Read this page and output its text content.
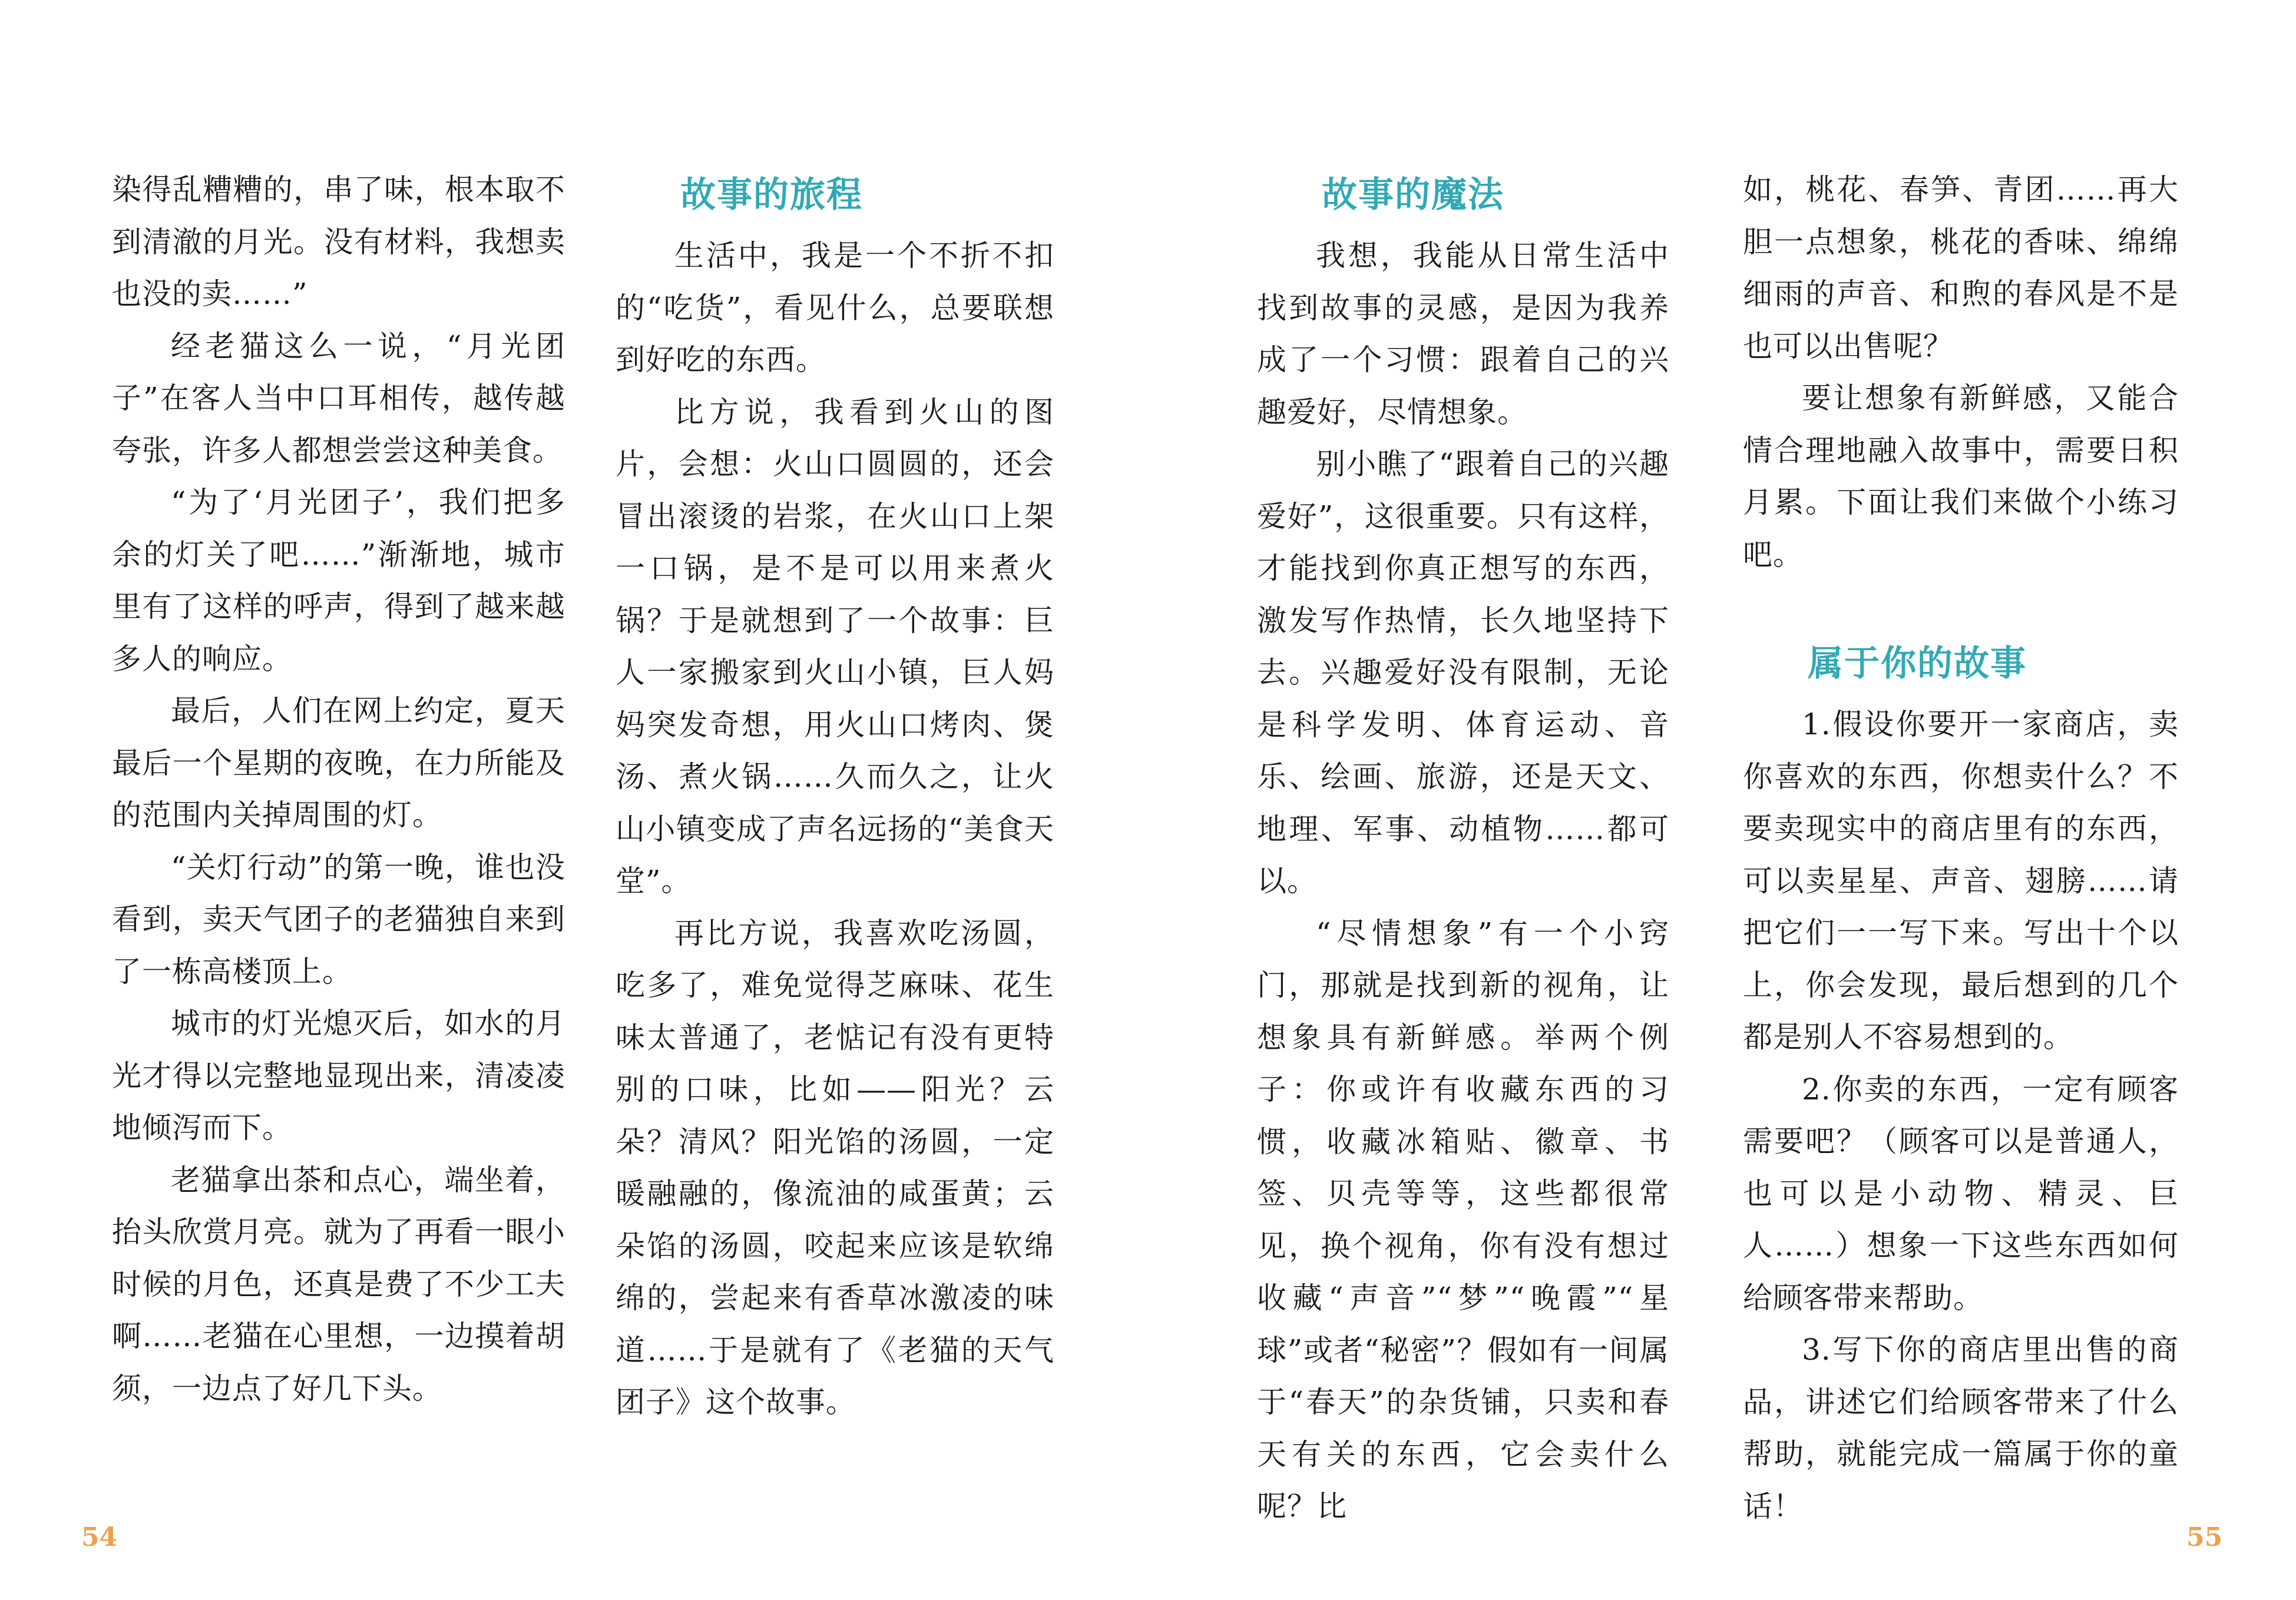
染得乱糟糟的，串了味，根本取不到清澈的月光。没有材料，我想卖也没的卖……”

经老猫这么一说，“月光团子”在客人当中口耳相传，越传越夸张，许多人都想尝尝这种美食。

“为了‘月光团子’，我们把多余的灯关了吧……”渐渐地，城市里有了这样的呼声，得到了越来越多人的响应。

最后，人们在网上约定，夏天最后一个星期的夜晚，在力所能及的范围内关掉周围的灯。

“关灯行动”的第一晚，谁也没看到，卖天气团子的老猫独自来到了一栋高楼顶上。

城市的灯光熄灭后，如水的月光才得以完整地显现出来，清凌凌地倾泻而下。

老猫拿出茶和点心，端坐着，抬头欣赏月亮。就为了再看一眼小时候的月色，还真是费了不少工夫啊……老猫在心里想，一边摸着胡须，一边点了好几下头。

故事的旅程

生活中，我是一个不折不扣的“吃货”，看见什么，总要联想到好吃的东西。

比方说，我看到火山的图片，会想：火山口圆圆的，还会冒出滚烫的岩浆，在火山口上架一口锅，是不是可以用来煮火锅？于是就想到了一个故事：巨人一家搬家到火山小镇，巨人妈妈突发奇想，用火山口烤肉、煲汤、煮火锅……久而久之，让火山小镇变成了声名远扬的“美食天堂”。

再比方说，我喜欢吃汤圆，吃多了，难免觉得芝麻味、花生味太普通了，老惦记有没有更特别的口味，比如——阳光？云朵？清风？阳光馅的汤圆，一定暖融融的，像流油的咸蛋黄；云朵馅的汤圆，咬起来应该是软绵绵的，尝起来有香草冰激凌的味道……于是就有了《老猫的天气团子》这个故事。

54
故事的魔法

我想，我能从日常生活中找到故事的灵感，是因为我养成了一个习惯：跟着自己的兴趣爱好，尽情想象。

别小瞧了“跟着自己的兴趣爱好”，这很重要。只有这样，才能找到你真正想写的东西，激发写作热情，长久地坚持下去。兴趣爱好没有限制，无论是科学发明、体育运动、音乐、绘画、旅游，还是天文、地理、军事、动植物……都可以。

“尽情想象”有一个小窍门，那就是找到新的视角，让想象具有新鲜感。举两个例子：你或许有收藏东西的习惯，收藏冰箱贴、徽章、书签、贝壳等等，这些都很常见，换个视角，你有没有想过收藏“声音”“梦”“晚霞”“星球”或者“秘密”？假如有一间属于“春天”的杂货铺，只卖和春天有关的东西，它会卖什么呢？比

如，桃花、春笋、青团……再大胆一点想象，桃花的香味、绵绵细雨的声音、和煦的春风是不是也可以出售呢？

要让想象有新鲜感，又能合情合理地融入故事中，需要日积月累。下面让我们来做个小练习吧。

属于你的故事

1.假设你要开一家商店，卖你喜欢的东西，你想卖什么？不要卖现实中的商店里有的东西，可以卖星星、声音、翅膀……请把它们一一写下来。写出十个以上，你会发现，最后想到的几个都是别人不容易想到的。

2.你卖的东西，一定有顾客需要吧？（顾客可以是普通人，也可以是小动物、精灵、巨人……）想象一下这些东西如何给顾客带来帮助。

3.写下你的商店里出售的商品，讲述它们给顾客带来了什么帮助，就能完成一篇属于你的童话！

55
